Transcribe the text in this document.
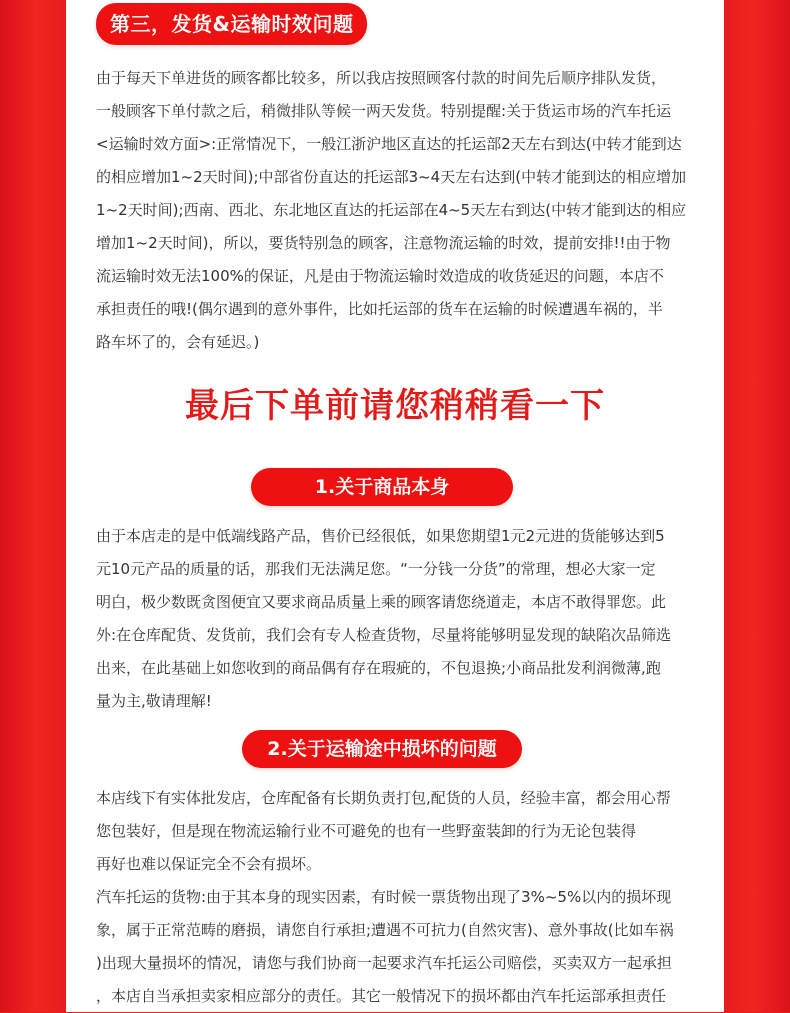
第三，发货&运输时效问题
由于每天下单进货的顾客都比较多，所以我店按照顾客付款的时间先后顺序排队发货，
一般顾客下单付款之后，稍微排队等候一两天发货。特别提醒:关于货运市场的汽车托运
<运输时效方面>:正常情况下，一般江浙沪地区直达的托运部2天左右到达(中转才能到达
的相应增加1~2天时间);中部省份直达的托运部3~4天左右达到(中转才能到达的相应增加
1~2天时间);西南、西北、东北地区直达的托运部在4~5天左右到达(中转才能到达的相应
增加1~2天时间)，所以，要货特别急的顾客，注意物流运输的时效，提前安排!!由于物
流运输时效无法100%的保证，凡是由于物流运输时效造成的收货延迟的问题，本店不
承担责任的哦!(偶尔遇到的意外事件，比如托运部的货车在运输的时候遭遇车祸的，半
路车坏了的，会有延迟。)
最后下单前请您稍稍看一下
1.关于商品本身
由于本店走的是中低端线路产品，售价已经很低，如果您期望1元2元进的货能够达到5
元10元产品的质量的话，那我们无法满足您。“一分钱一分货”的常理，想必大家一定
明白，极少数既贪图便宜又要求商品质量上乘的顾客请您绕道走，本店不敢得罪您。此
外:在仓库配货、发货前，我们会有专人检查货物，尽量将能够明显发现的缺陷次品筛选
出来，在此基础上如您收到的商品偶有存在瑕疵的，不包退换;小商品批发利润微薄,跑
量为主,敬请理解!
2.关于运输途中损坏的问题
本店线下有实体批发店，仓库配备有长期负责打包,配货的人员，经验丰富，都会用心帮
您包装好，但是现在物流运输行业不可避免的也有一些野蛮装卸的行为无论包装得
再好也难以保证完全不会有损坏。
汽车托运的货物:由于其本身的现实因素，有时候一票货物出现了3%~5%以内的损坏现
象，属于正常范畴的磨损，请您自行承担;遭遇不可抗力(自然灾害)、意外事故(比如车祸
)出现大量损坏的情况，请您与我们协商一起要求汽车托运公司赔偿，买卖双方一起承担
，本店自当承担卖家相应部分的责任。其它一般情况下的损坏都由汽车托运部承担责任
